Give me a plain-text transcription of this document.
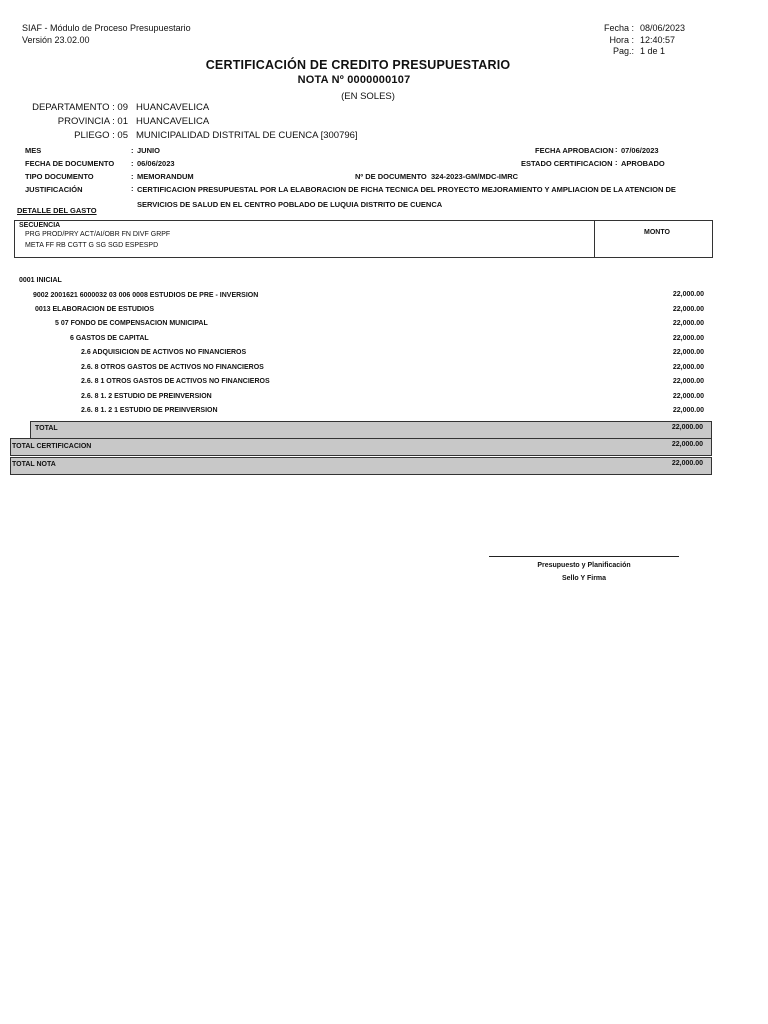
SIAF - Módulo de Proceso Presupuestario
Versión 23.02.00
Fecha : 08/06/2023
Hora : 12:40:57
Pag.: 1 de 1
CERTIFICACIÓN DE CREDITO PRESUPUESTARIO
NOTA Nº 0000000107
(EN SOLES)
DEPARTAMENTO : 09 HUANCAVELICA
PROVINCIA : 01 HUANCAVELICA
PLIEGO : 05 MUNICIPALIDAD DISTRITAL DE CUENCA [300796]
MES	: JUNIO
FECHA DE DOCUMENTO : 06/06/2023
TIPO DOCUMENTO	: MEMORANDUM
JUSTIFICACIÓN	: CERTIFICACION PRESUPUESTAL POR LA ELABORACION DE FICHA TECNICA DEL PROYECTO MEJORAMIENTO Y AMPLIACION DE LA ATENCION DE
SERVICIOS DE SALUD EN EL CENTRO POBLADO DE LUQUIA DISTRITO DE CUENCA
FECHA APROBACION : 07/06/2023
ESTADO CERTIFICACION : APROBADO
Nº DE DOCUMENTO 324-2023-GM/MDC-IMRC
DETALLE DEL GASTO
SECUENCIA
PRG PROD/PRY ACT/AI/OBR FN DIVF GRPF
META FF RB CGTT G SG SGD ESPESPD
MONTO
0001 INICIAL
9002 2001621 6000032 03 006 0008 ESTUDIOS DE PRE - INVERSION	22,000.00
0013 ELABORACION DE ESTUDIOS	22,000.00
5 07 FONDO DE COMPENSACION MUNICIPAL	22,000.00
6 GASTOS DE CAPITAL	22,000.00
2.6 ADQUISICION DE ACTIVOS NO FINANCIEROS	22,000.00
2.6. 8 OTROS GASTOS DE ACTIVOS NO FINANCIEROS	22,000.00
2.6. 8 1 OTROS GASTOS DE ACTIVOS NO FINANCIEROS	22,000.00
2.6. 8 1. 2 ESTUDIO DE PREINVERSION	22,000.00
2.6. 8 1. 2 1 ESTUDIO DE PREINVERSION	22,000.00
TOTAL	22,000.00
TOTAL CERTIFICACION	22,000.00
TOTAL NOTA	22,000.00
Presupuesto y Planificación
Sello Y Firma
